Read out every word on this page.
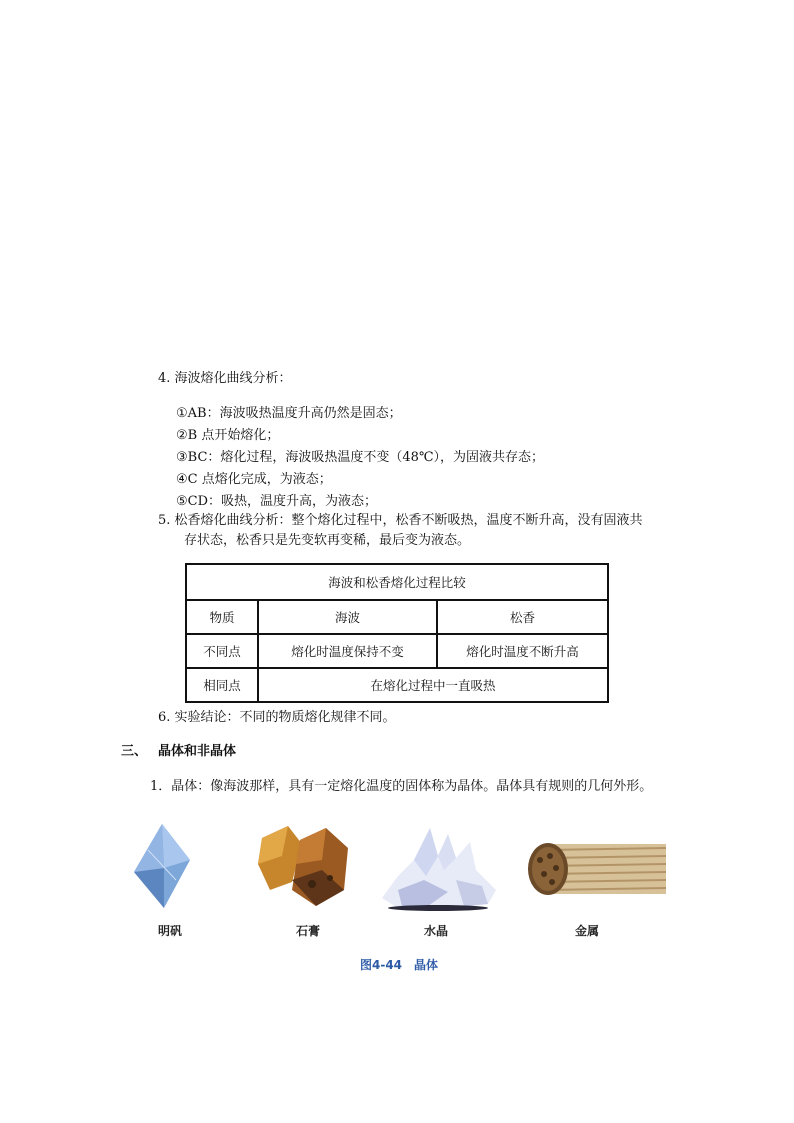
4. 海波熔化曲线分析：
①AB：海波吸热温度升高仍然是固态；
②B 点开始熔化；
③BC：熔化过程，海波吸热温度不变（48℃），为固液共存态；
④C 点熔化完成，为液态；
⑤CD：吸热，温度升高，为液态；
5. 松香熔化曲线分析：整个熔化过程中，松香不断吸热，温度不断升高，没有固液共
存状态，松香只是先变软再变稀，最后变为液态。
海波和松香熔化过程比较		
物质	海波	松香
不同点	熔化时温度保持不变	熔化时温度不断升高
相同点	在熔化过程中一直吸热	
6. 实验结论：不同的物质熔化规律不同。
三、 晶体和非晶体
1．晶体：像海波那样，具有一定熔化温度的固体称为晶体。晶体具有规则的几何外形。
明矾	石膏	水晶	金属
图4-44　晶体
